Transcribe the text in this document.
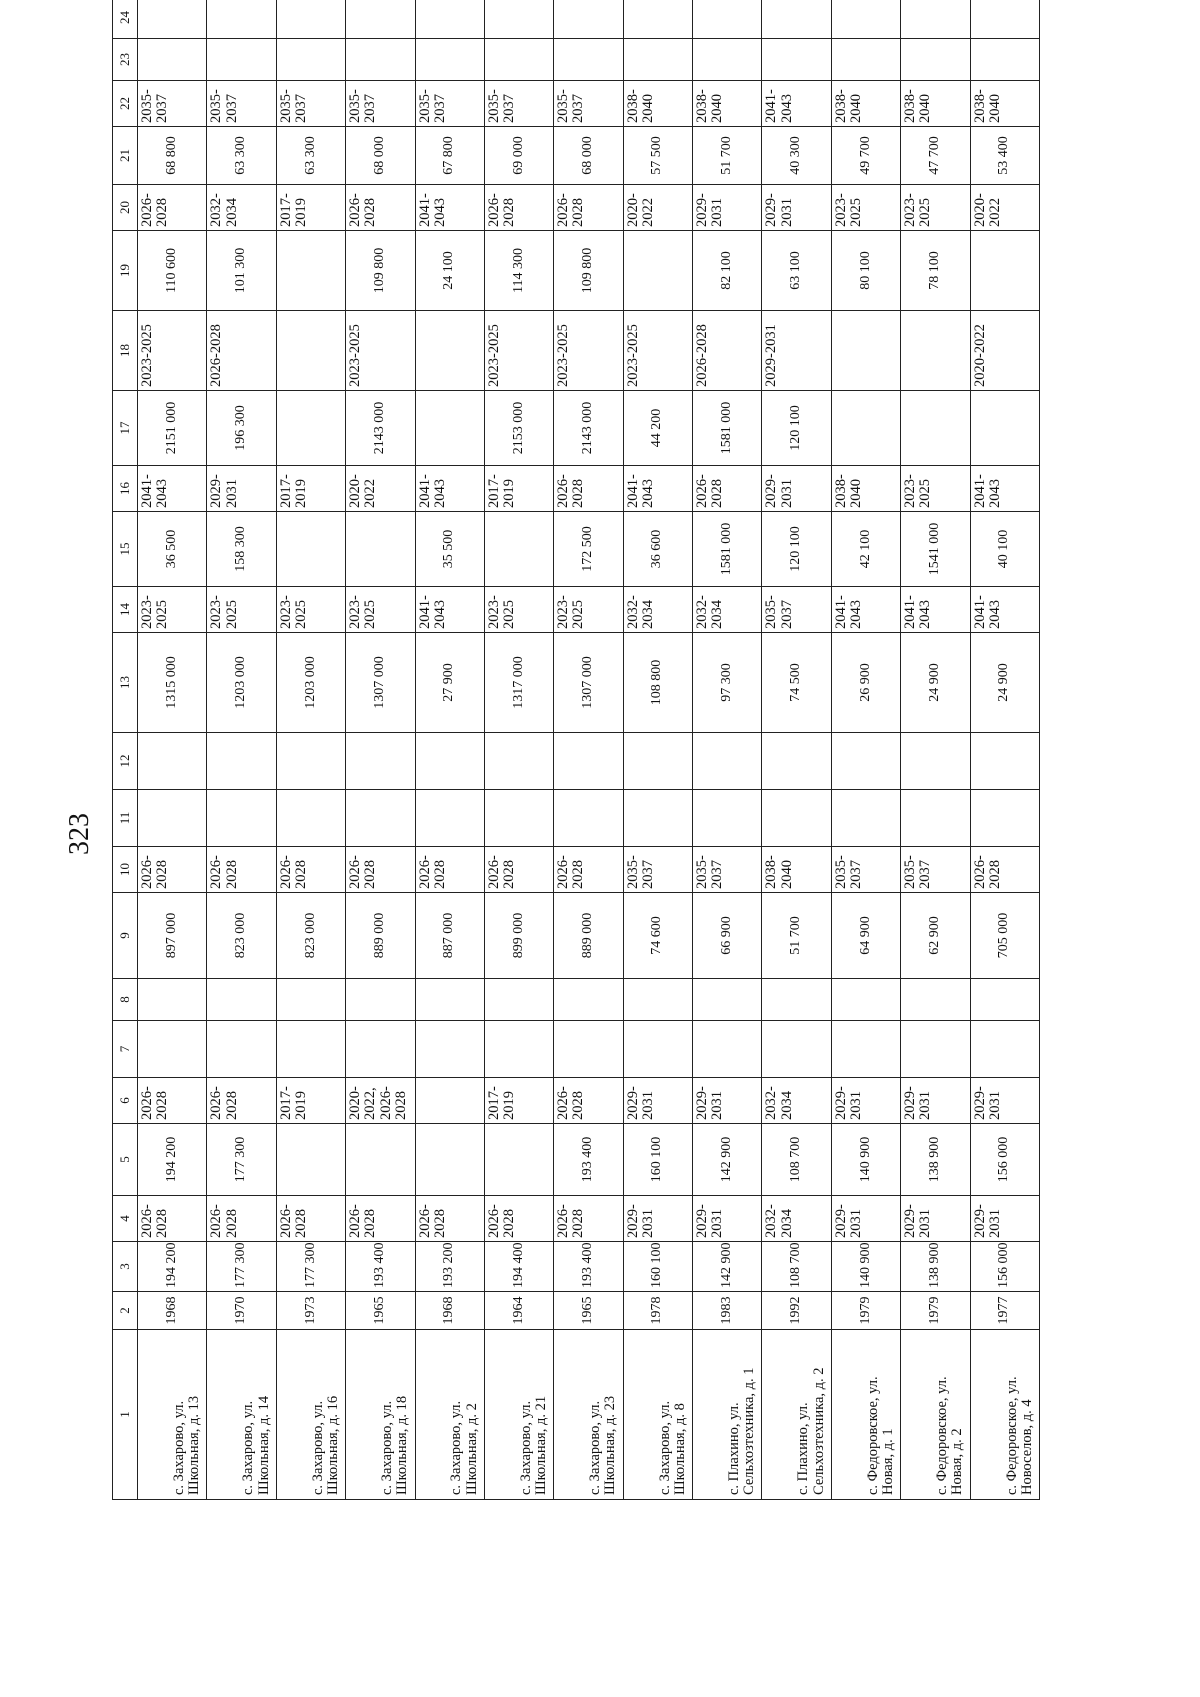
323
1	2	3	4	5	6	7	8	9	10	11	12	13	14	15	16	17	18	19	20	21	22	23	24
с. Захарово, ул. Школьная, д. 13	1968	194 200	2026-2028	194 200	2026-2028			897 000	2026-2028			1315 000	2023-2025	36 500	2041-2043	2151 000	2023-2025	110 600	2026-2028	68 800	2035-2037		
с. Захарово, ул. Школьная, д. 14	1970	177 300	2026-2028	177 300	2026-2028			823 000	2026-2028			1203 000	2023-2025	158 300	2029-2031	196 300	2026-2028	101 300	2032-2034	63 300	2035-2037		
с. Захарово, ул. Школьная, д. 16	1973	177 300	2026-2028		2017-2019			823 000	2026-2028			1203 000	2023-2025		2017-2019				2017-2019	63 300	2035-2037		
с. Захарово, ул. Школьная, д. 18	1965	193 400	2026-2028		2020-2022, 2026-2028			889 000	2026-2028			1307 000	2023-2025		2020-2022	2143 000	2023-2025	109 800	2026-2028	68 000	2035-2037		
с. Захарово, ул. Школьная, д. 2	1968	193 200	2026-2028					887 000	2026-2028			27 900	2041-2043	35 500	2041-2043			24 100	2041-2043	67 800	2035-2037		
с. Захарово, ул. Школьная, д. 21	1964	194 400	2026-2028		2017-2019			899 000	2026-2028			1317 000	2023-2025		2017-2019	2153 000	2023-2025	114 300	2026-2028	69 000	2035-2037		
с. Захарово, ул. Школьная, д. 23	1965	193 400	2026-2028	193 400	2026-2028			889 000	2026-2028			1307 000	2023-2025	172 500	2026-2028	2143 000	2023-2025	109 800	2026-2028	68 000	2035-2037		
с. Захарово, ул. Школьная, д. 8	1978	160 100	2029-2031	160 100	2029-2031			74 600	2035-2037			108 800	2032-2034	36 600	2041-2043	44 200	2023-2025		2020-2022	57 500	2038-2040		
с. Плахино, ул. Сельхозтехника, д. 1	1983	142 900	2029-2031	142 900	2029-2031			66 900	2035-2037			97 300	2032-2034	1581 000	2026-2028	1581 000	2026-2028	82 100	2029-2031	51 700	2038-2040		
с. Плахино, ул. Сельхозтехника, д. 2	1992	108 700	2032-2034	108 700	2032-2034			51 700	2038-2040			74 500	2035-2037	120 100	2029-2031	120 100	2029-2031	63 100	2029-2031	40 300	2041-2043		
с. Федоровское, ул. Новая, д. 1	1979	140 900	2029-2031	140 900	2029-2031			64 900	2035-2037			26 900	2041-2043	42 100	2038-2040			80 100	2023-2025	49 700	2038-2040		
с. Федоровское, ул. Новая, д. 2	1979	138 900	2029-2031	138 900	2029-2031			62 900	2035-2037			24 900	2041-2043	1541 000	2023-2025			78 100	2023-2025	47 700	2038-2040		
с. Федоровское, ул. Новоселов, д. 4	1977	156 000	2029-2031	156 000	2029-2031			705 000	2026-2028			24 900	2041-2043	40 100	2041-2043		2020-2022		2020-2022	53 400	2038-2040		
